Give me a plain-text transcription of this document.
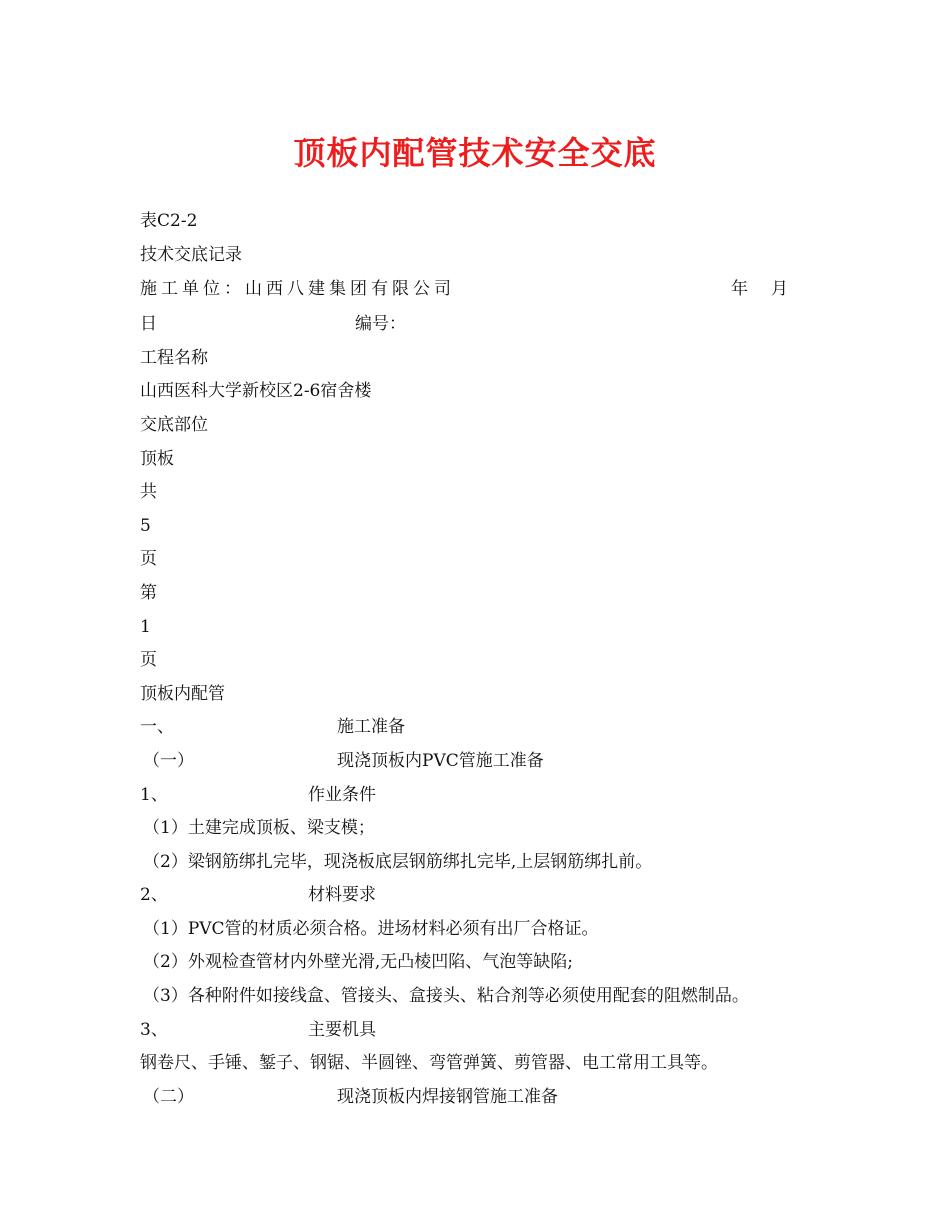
顶板内配管技术安全交底
表C2-2
技术交底记录
施工单位：山西八建集团有限公司	年 月
日	编号：
工程名称
山西医科大学新校区2-6宿舍楼
交底部位
顶板
共
5
页
第
1
页
顶板内配管
一、	施工准备
（一）	现浇顶板内PVC管施工准备
1、	作业条件
（1）土建完成顶板、梁支模；
（2）梁钢筋绑扎完毕，现浇板底层钢筋绑扎完毕,上层钢筋绑扎前。
2、	材料要求
（1）PVC管的材质必须合格。进场材料必须有出厂合格证。
（2）外观检查管材内外壁光滑,无凸棱凹陷、气泡等缺陷;
（3）各种附件如接线盒、管接头、盒接头、粘合剂等必须使用配套的阻燃制品。
3、	主要机具
钢卷尺、手锤、錾子、钢锯、半圆锉、弯管弹簧、剪管器、电工常用工具等。
（二）	现浇顶板内焊接钢管施工准备
